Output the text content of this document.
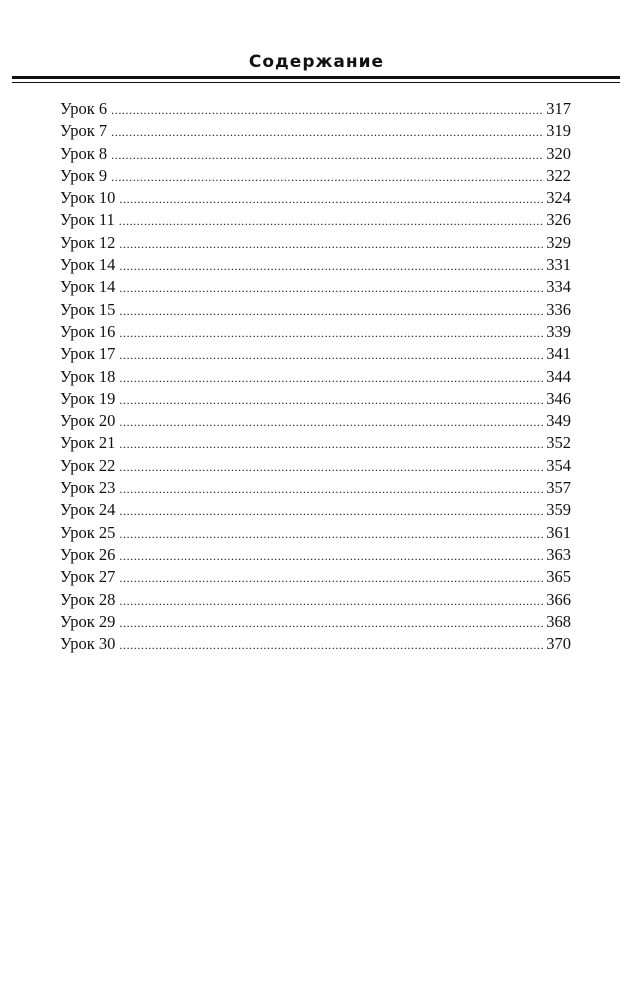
Содержание
Урок 6 .....	317
Урок 7 .....	319
Урок 8 .....	320
Урок 9 .....	322
Урок 10 .....	324
Урок 11 .....	326
Урок 12 .....	329
Урок 14 .....	331
Урок 14 .....	334
Урок 15 .....	336
Урок 16 .....	339
Урок 17 .....	341
Урок 18 .....	344
Урок 19 .....	346
Урок 20 .....	349
Урок 21 .....	352
Урок 22 .....	354
Урок 23 .....	357
Урок 24 .....	359
Урок 25 .....	361
Урок 26 .....	363
Урок 27 .....	365
Урок 28 .....	366
Урок 29 .....	368
Урок 30 .....	370
